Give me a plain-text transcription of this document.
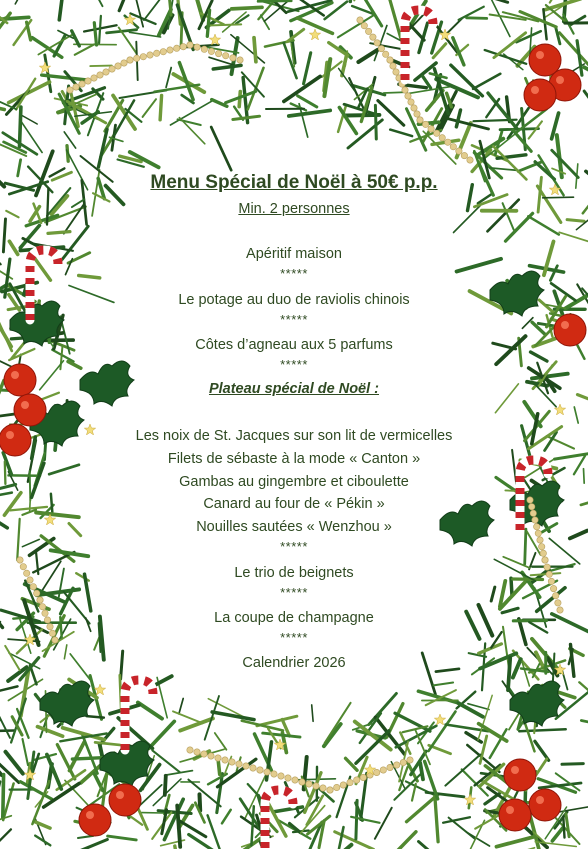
Menu Spécial de Noël à 50€ p.p.
Min. 2 personnes
Apéritif maison
*****
Le potage au duo de raviolis chinois
*****
Côtes d’agneau aux 5 parfums
*****
Plateau spécial de Noël :
Les noix de St. Jacques sur son lit de vermicelles
Filets de sébaste à la mode « Canton »
Gambas au gingembre et ciboulette
Canard au four de « Pékin »
Nouilles sautées « Wenzhou »
*****
Le trio de beignets
*****
La coupe de champagne
*****
Calendrier 2026
